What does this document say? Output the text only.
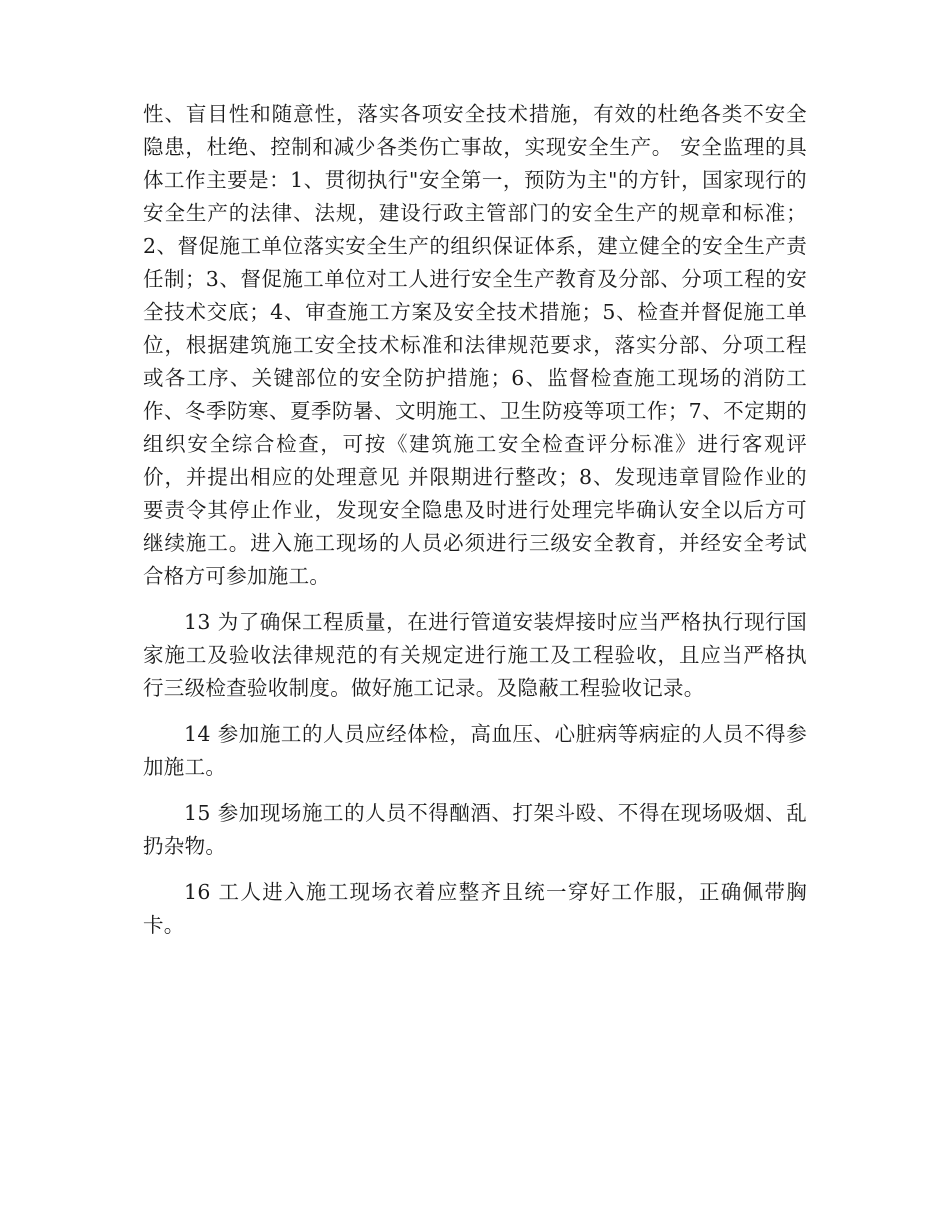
性、盲目性和随意性，落实各项安全技术措施，有效的杜绝各类不安全隐患，杜绝、控制和减少各类伤亡事故，实现安全生产。 安全监理的具体工作主要是：1、贯彻执行"安全第一，预防为主"的方针，国家现行的安全生产的法律、法规，建设行政主管部门的安全生产的规章和标准；2、督促施工单位落实安全生产的组织保证体系，建立健全的安全生产责任制；3、督促施工单位对工人进行安全生产教育及分部、分项工程的安全技术交底；4、审查施工方案及安全技术措施；5、检查并督促施工单位，根据建筑施工安全技术标准和法律规范要求，落实分部、分项工程或各工序、关键部位的安全防护措施；6、监督检查施工现场的消防工作、冬季防寒、夏季防暑、文明施工、卫生防疫等项工作；7、不定期的组织安全综合检查，可按《建筑施工安全检查评分标准》进行客观评价，并提出相应的处理意见 并限期进行整改；8、发现违章冒险作业的要责令其停止作业，发现安全隐患及时进行处理完毕确认安全以后方可继续施工。进入施工现场的人员必须进行三级安全教育，并经安全考试合格方可参加施工。

13 为了确保工程质量，在进行管道安装焊接时应当严格执行现行国家施工及验收法律规范的有关规定进行施工及工程验收，且应当严格执行三级检查验收制度。做好施工记录。及隐蔽工程验收记录。

14 参加施工的人员应经体检，高血压、心脏病等病症的人员不得参加施工。

15 参加现场施工的人员不得酗酒、打架斗殴、不得在现场吸烟、乱扔杂物。

16 工人进入施工现场衣着应整齐且统一穿好工作服，正确佩带胸卡。
